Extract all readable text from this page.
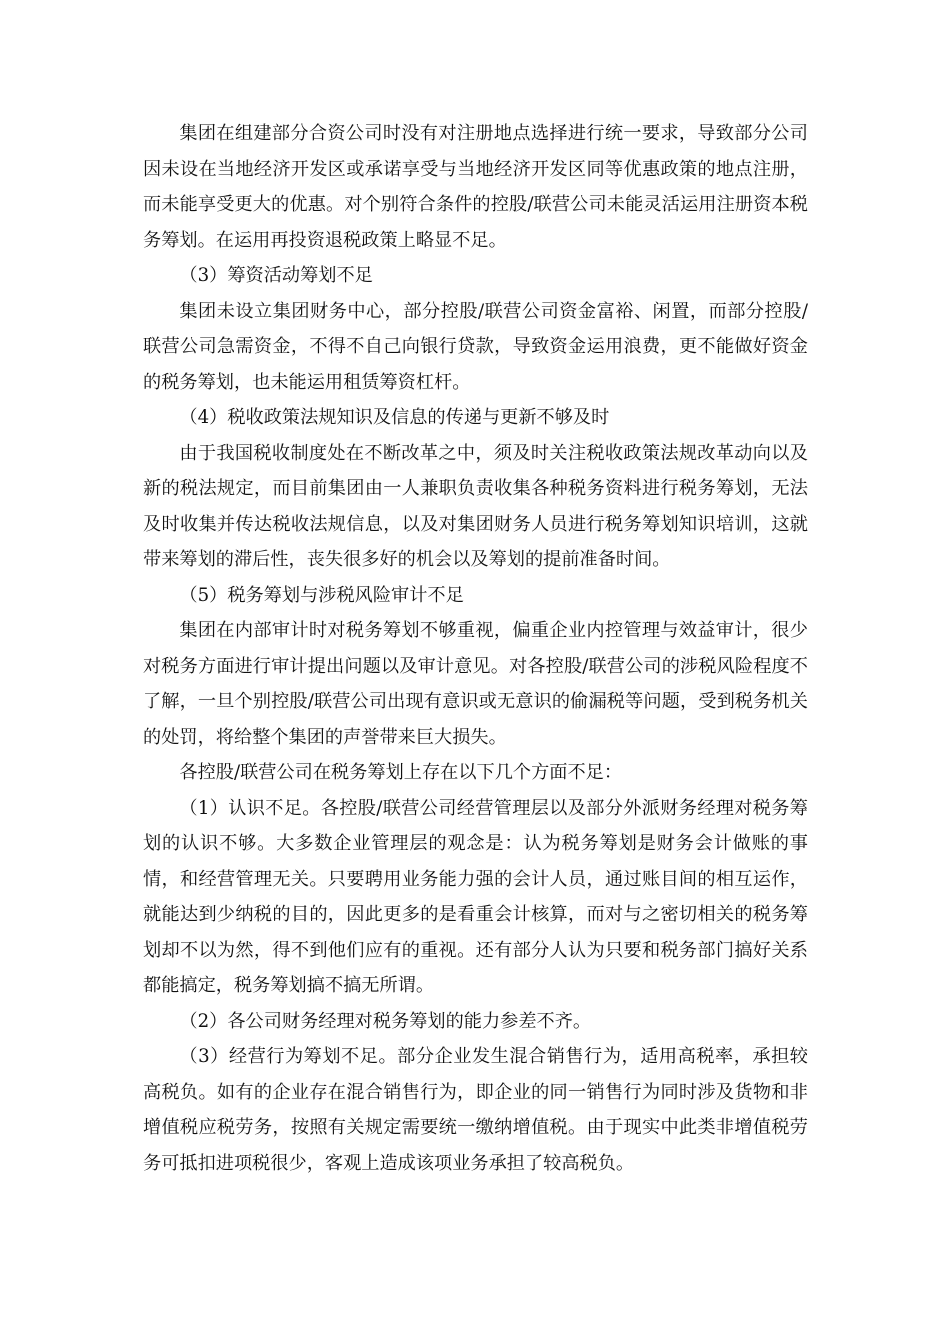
集团在组建部分合资公司时没有对注册地点选择进行统一要求，导致部分公司因未设在当地经济开发区或承诺享受与当地经济开发区同等优惠政策的地点注册，而未能享受更大的优惠。对个别符合条件的控股/联营公司未能灵活运用注册资本税务筹划。在运用再投资退税政策上略显不足。

（3）筹资活动筹划不足

集团未设立集团财务中心，部分控股/联营公司资金富裕、闲置，而部分控股/联营公司急需资金，不得不自己向银行贷款，导致资金运用浪费，更不能做好资金的税务筹划，也未能运用租赁筹资杠杆。

（4）税收政策法规知识及信息的传递与更新不够及时

由于我国税收制度处在不断改革之中，须及时关注税收政策法规改革动向以及新的税法规定，而目前集团由一人兼职负责收集各种税务资料进行税务筹划，无法及时收集并传达税收法规信息，以及对集团财务人员进行税务筹划知识培训，这就带来筹划的滞后性，丧失很多好的机会以及筹划的提前准备时间。

（5）税务筹划与涉税风险审计不足

集团在内部审计时对税务筹划不够重视，偏重企业内控管理与效益审计，很少对税务方面进行审计提出问题以及审计意见。对各控股/联营公司的涉税风险程度不了解，一旦个别控股/联营公司出现有意识或无意识的偷漏税等问题，受到税务机关的处罚，将给整个集团的声誉带来巨大损失。

各控股/联营公司在税务筹划上存在以下几个方面不足：

（1）认识不足。各控股/联营公司经营管理层以及部分外派财务经理对税务筹划的认识不够。大多数企业管理层的观念是：认为税务筹划是财务会计做账的事情，和经营管理无关。只要聘用业务能力强的会计人员，通过账目间的相互运作，就能达到少纳税的目的，因此更多的是看重会计核算，而对与之密切相关的税务筹划却不以为然，得不到他们应有的重视。还有部分人认为只要和税务部门搞好关系都能搞定，税务筹划搞不搞无所谓。

（2）各公司财务经理对税务筹划的能力参差不齐。

（3）经营行为筹划不足。部分企业发生混合销售行为，适用高税率，承担较高税负。如有的企业存在混合销售行为，即企业的同一销售行为同时涉及货物和非增值税应税劳务，按照有关规定需要统一缴纳增值税。由于现实中此类非增值税劳务可抵扣进项税很少，客观上造成该项业务承担了较高税负。
